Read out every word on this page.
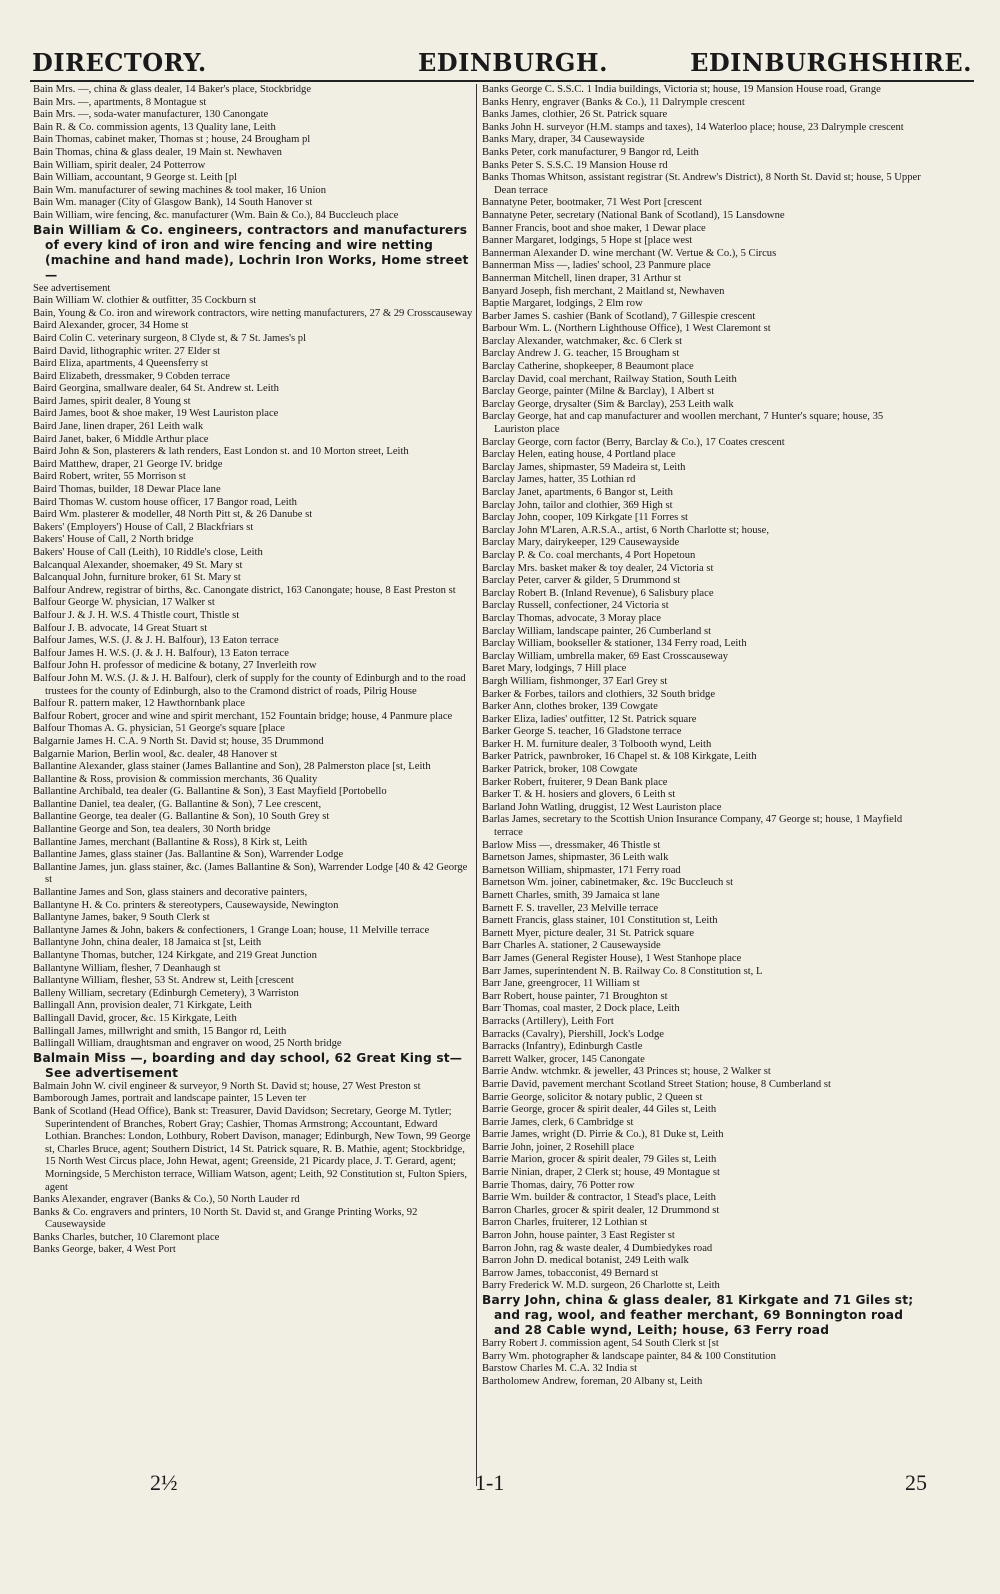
DIRECTORY.	EDINBURGH.	EDINBURGHSHIRE.

Bain Mrs. —, china & glass dealer, 14 Baker's place, Stockbridge

Bain Mrs. —, apartments, 8 Montague st

Bain Mrs. —, soda-water manufacturer, 130 Canongate

Bain R. & Co. commission agents, 13 Quality lane, Leith

Bain Thomas, cabinet maker, Thomas st ; house, 24 Brougham pl

Bain Thomas, china & glass dealer, 19 Main st. Newhaven

Bain William, spirit dealer, 24 Potterrow

Bain William, accountant, 9 George st. Leith [pl

Bain Wm. manufacturer of sewing machines & tool maker, 16 Union

Bain Wm. manager (City of Glasgow Bank), 14 South Hanover st

Bain William, wire fencing, &c. manufacturer (Wm. Bain & Co.), 84 Buccleuch place

Bain William & Co. engineers, contractors and manufacturers of every kind of iron and wire fencing and wire netting (machine and hand made), Lochrin Iron Works, Home street—

See advertisement

Bain William W. clothier & outfitter, 35 Cockburn st

Bain, Young & Co. iron and wirework contractors, wire netting manufacturers, 27 & 29 Crosscauseway

Baird Alexander, grocer, 34 Home st

Baird Colin C. veterinary surgeon, 8 Clyde st, & 7 St. James's pl

Baird David, lithographic writer. 27 Elder st

Baird Eliza, apartments, 4 Queensferry st

Baird Elizabeth, dressmaker, 9 Cobden terrace

Baird Georgina, smallware dealer, 64 St. Andrew st. Leith

Baird James, spirit dealer, 8 Young st

Baird James, boot & shoe maker, 19 West Lauriston place

Baird Jane, linen draper, 261 Leith walk

Baird Janet, baker, 6 Middle Arthur place

Baird John & Son, plasterers & lath renders, East London st. and 10 Morton street, Leith

Baird Matthew, draper, 21 George IV. bridge

Baird Robert, writer, 55 Morrison st

Baird Thomas, builder, 18 Dewar Place lane

Baird Thomas W. custom house officer, 17 Bangor road, Leith

Baird Wm. plasterer & modeller, 48 North Pitt st, & 26 Danube st

Bakers' (Employers') House of Call, 2 Blackfriars st

Bakers' House of Call, 2 North bridge

Bakers' House of Call (Leith), 10 Riddle's close, Leith

Balcanqual Alexander, shoemaker, 49 St. Mary st

Balcanqual John, furniture broker, 61 St. Mary st

Balfour Andrew, registrar of births, &c. Canongate district, 163 Canongate; house, 8 East Preston st

Balfour George W. physician, 17 Walker st

Balfour J. & J. H. W.S. 4 Thistle court, Thistle st

Balfour J. B. advocate, 14 Great Stuart st

Balfour James, W.S. (J. & J. H. Balfour), 13 Eaton terrace

Balfour James H. W.S. (J. & J. H. Balfour), 13 Eaton terrace

Balfour John H. professor of medicine & botany, 27 Inverleith row

Balfour John M. W.S. (J. & J. H. Balfour), clerk of supply for the county of Edinburgh and to the road trustees for the county of Edinburgh, also to the Cramond district of roads, Pilrig House

Balfour R. pattern maker, 12 Hawthornbank place

Balfour Robert, grocer and wine and spirit merchant, 152 Fountain bridge; house, 4 Panmure place

Balfour Thomas A. G. physician, 51 George's square [place

Balgarnie James H. C.A. 9 North St. David st; house, 35 Drummond

Balgarnie Marion, Berlin wool, &c. dealer, 48 Hanover st

Ballantine Alexander, glass stainer (James Ballantine and Son), 28 Palmerston place [st, Leith

Ballantine & Ross, provision & commission merchants, 36 Quality

Ballantine Archibald, tea dealer (G. Ballantine & Son), 3 East Mayfield [Portobello

Ballantine Daniel, tea dealer, (G. Ballantine & Son), 7 Lee crescent,

Ballantine George, tea dealer (G. Ballantine & Son), 10 South Grey st

Ballantine George and Son, tea dealers, 30 North bridge

Ballantine James, merchant (Ballantine & Ross), 8 Kirk st, Leith

Ballantine James, glass stainer (Jas. Ballantine & Son), Warrender Lodge

Ballantine James, jun. glass stainer, &c. (James Ballantine & Son), Warrender Lodge [40 & 42 George st

Ballantine James and Son, glass stainers and decorative painters,

Ballantyne H. & Co. printers & stereotypers, Causewayside, Newington

Ballantyne James, baker, 9 South Clerk st

Ballantyne James & John, bakers & confectioners, 1 Grange Loan; house, 11 Melville terrace

Ballantyne John, china dealer, 18 Jamaica st [st, Leith

Ballantyne Thomas, butcher, 124 Kirkgate, and 219 Great Junction

Ballantyne William, flesher, 7 Deanhaugh st

Ballantyne William, flesher, 53 St. Andrew st, Leith [crescent

Balleny William, secretary (Edinburgh Cemetery), 3 Warriston

Ballingall Ann, provision dealer, 71 Kirkgate, Leith

Ballingall David, grocer, &c. 15 Kirkgate, Leith

Ballingall James, millwright and smith, 15 Bangor rd, Leith

Ballingall William, draughtsman and engraver on wood, 25 North bridge

Balmain Miss —, boarding and day school, 62 Great King st—See advertisement

Balmain John W. civil engineer & surveyor, 9 North St. David st; house, 27 West Preston st

Bamborough James, portrait and landscape painter, 15 Leven ter

Bank of Scotland (Head Office), Bank st: Treasurer, David Davidson; Secretary, George M. Tytler; Superintendent of Branches, Robert Gray; Cashier, Thomas Armstrong; Accountant, Edward Lothian. Branches: London, Lothbury, Robert Davison, manager; Edinburgh, New Town, 99 George st, Charles Bruce, agent; Southern District, 14 St. Patrick square, R. B. Mathie, agent; Stockbridge, 15 North West Circus place, John Hewat, agent; Greenside, 21 Picardy place, J. T. Gerard, agent; Morningside, 5 Merchiston terrace, William Watson, agent; Leith, 92 Constitution st, Fulton Spiers, agent

Banks Alexander, engraver (Banks & Co.), 50 North Lauder rd

Banks & Co. engravers and printers, 10 North St. David st, and Grange Printing Works, 92 Causewayside

Banks Charles, butcher, 10 Claremont place

Banks George, baker, 4 West Port

Banks George C. S.S.C. 1 India buildings, Victoria st; house, 19 Mansion House road, Grange

Banks Henry, engraver (Banks & Co.), 11 Dalrymple crescent

Banks James, clothier, 26 St. Patrick square

Banks John H. surveyor (H.M. stamps and taxes), 14 Waterloo place; house, 23 Dalrymple crescent

Banks Mary, draper, 34 Causewayside

Banks Peter, cork manufacturer, 9 Bangor rd, Leith

Banks Peter S. S.S.C. 19 Mansion House rd

Banks Thomas Whitson, assistant registrar (St. Andrew's District), 8 North St. David st; house, 5 Upper Dean terrace

Bannatyne Peter, bootmaker, 71 West Port [crescent

Bannatyne Peter, secretary (National Bank of Scotland), 15 Lansdowne

Banner Francis, boot and shoe maker, 1 Dewar place

Banner Margaret, lodgings, 5 Hope st [place west

Bannerman Alexander D. wine merchant (W. Vertue & Co.), 5 Circus

Bannerman Miss —, ladies' school, 23 Panmure place

Bannerman Mitchell, linen draper, 31 Arthur st

Banyard Joseph, fish merchant, 2 Maitland st, Newhaven

Baptie Margaret, lodgings, 2 Elm row

Barber James S. cashier (Bank of Scotland), 7 Gillespie crescent

Barbour Wm. L. (Northern Lighthouse Office), 1 West Claremont st

Barclay Alexander, watchmaker, &c. 6 Clerk st

Barclay Andrew J. G. teacher, 15 Brougham st

Barclay Catherine, shopkeeper, 8 Beaumont place

Barclay David, coal merchant, Railway Station, South Leith

Barclay George, painter (Milne & Barclay), 1 Albert st

Barclay George, drysalter (Sim & Barclay), 253 Leith walk

Barclay George, hat and cap manufacturer and woollen merchant, 7 Hunter's square; house, 35 Lauriston place

Barclay George, corn factor (Berry, Barclay & Co.), 17 Coates crescent

Barclay Helen, eating house, 4 Portland place

Barclay James, shipmaster, 59 Madeira st, Leith

Barclay James, hatter, 35 Lothian rd

Barclay Janet, apartments, 6 Bangor st, Leith

Barclay John, tailor and clothier, 369 High st

Barclay John, cooper, 109 Kirkgate [11 Forres st

Barclay John M'Laren, A.R.S.A., artist, 6 North Charlotte st; house,

Barclay Mary, dairykeeper, 129 Causewayside

Barclay P. & Co. coal merchants, 4 Port Hopetoun

Barclay Mrs. basket maker & toy dealer, 24 Victoria st

Barclay Peter, carver & gilder, 5 Drummond st

Barclay Robert B. (Inland Revenue), 6 Salisbury place

Barclay Russell, confectioner, 24 Victoria st

Barclay Thomas, advocate, 3 Moray place

Barclay William, landscape painter, 26 Cumberland st

Barclay William, bookseller & stationer, 134 Ferry road, Leith

Barclay William, umbrella maker, 69 East Crosscauseway

Baret Mary, lodgings, 7 Hill place

Bargh William, fishmonger, 37 Earl Grey st

Barker & Forbes, tailors and clothiers, 32 South bridge

Barker Ann, clothes broker, 139 Cowgate

Barker Eliza, ladies' outfitter, 12 St. Patrick square

Barker George S. teacher, 16 Gladstone terrace

Barker H. M. furniture dealer, 3 Tolbooth wynd, Leith

Barker Patrick, pawnbroker, 16 Chapel st. & 108 Kirkgate, Leith

Barker Patrick, broker, 108 Cowgate

Barker Robert, fruiterer, 9 Dean Bank place

Barker T. & H. hosiers and glovers, 6 Leith st

Barland John Watling, druggist, 12 West Lauriston place

Barlas James, secretary to the Scottish Union Insurance Company, 47 George st; house, 1 Mayfield terrace

Barlow Miss —, dressmaker, 46 Thistle st

Barnetson James, shipmaster, 36 Leith walk

Barnetson William, shipmaster, 171 Ferry road

Barnetson Wm. joiner, cabinetmaker, &c. 19c Buccleuch st

Barnett Charles, smith, 39 Jamaica st lane

Barnett F. S. traveller, 23 Melville terrace

Barnett Francis, glass stainer, 101 Constitution st, Leith

Barnett Myer, picture dealer, 31 St. Patrick square

Barr Charles A. stationer, 2 Causewayside

Barr James (General Register House), 1 West Stanhope place

Barr James, superintendent N. B. Railway Co. 8 Constitution st, L

Barr Jane, greengrocer, 11 William st

Barr Robert, house painter, 71 Broughton st

Barr Thomas, coal master, 2 Dock place, Leith

Barracks (Artillery), Leith Fort

Barracks (Cavalry), Piershill, Jock's Lodge

Barracks (Infantry), Edinburgh Castle

Barrett Walker, grocer, 145 Canongate

Barrie Andw. wtchmkr. & jeweller, 43 Princes st; house, 2 Walker st

Barrie David, pavement merchant Scotland Street Station; house, 8 Cumberland st

Barrie George, solicitor & notary public, 2 Queen st

Barrie George, grocer & spirit dealer, 44 Giles st, Leith

Barrie James, clerk, 6 Cambridge st

Barrie James, wright (D. Pirrie & Co.), 81 Duke st, Leith

Barrie John, joiner, 2 Rosehill place

Barrie Marion, grocer & spirit dealer, 79 Giles st, Leith

Barrie Ninian, draper, 2 Clerk st; house, 49 Montague st

Barrie Thomas, dairy, 76 Potter row

Barrie Wm. builder & contractor, 1 Stead's place, Leith

Barron Charles, grocer & spirit dealer, 12 Drummond st

Barron Charles, fruiterer, 12 Lothian st

Barron John, house painter, 3 East Register st

Barron John, rag & waste dealer, 4 Dumbiedykes road

Barron John D. medical botanist, 249 Leith walk

Barrow James, tobacconist, 49 Bernard st

Barry Frederick W. M.D. surgeon, 26 Charlotte st, Leith

Barry John, china & glass dealer, 81 Kirkgate and 71 Giles st; and rag, wool, and feather merchant, 69 Bonnington road and 28 Cable wynd, Leith; house, 63 Ferry road

Barry Robert J. commission agent, 54 South Clerk st [st

Barry Wm. photographer & landscape painter, 84 & 100 Constitution

Barstow Charles M. C.A. 32 India st

Bartholomew Andrew, foreman, 20 Albany st, Leith

2½	1-1	25
